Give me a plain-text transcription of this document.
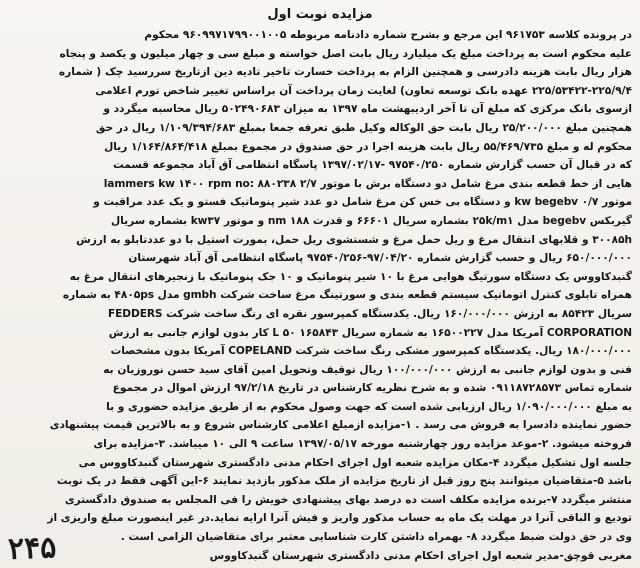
مزایده نوبت اول
در پرونده کلاسه ۹۶۱۷۵۳ این مرجع و بشرح شماره دادنامه مربوطه ۹۶۰۹۹۷۱۷۹۹۰۰۱۰۰۵ محکوم
علیه محکوم است به پرداخت مبلغ یک میلیارد ریال بابت اصل خواسته و مبلغ سی و چهار میلیون و یکصد و پنجاه
هزار ریال بابت هزینه دادرسی و همچنین الزام به پرداخت خسارت تاخیر تادیه دین ازتاریخ سررسید چک ( شماره
۲۲۵/۵۳۴۲۲-۲۲۵/۹/۴ عهده بانک توسعه تعاون) لغایت زمان پرداخت آن براساس تغییر شاخص تورم اعلامی
ازسوی بانک مرکزی که مبلغ آن تا آخر اردیبهشت ماه ۱۳۹۷ به میزان ۵۰۲۴۹۰۶۸۳ ریال محاسبه میگردد و
همچنین مبلغ ۲۵/۲۰۰/۰۰۰ ریال بابت حق الوکاله وکیل طبق تعرفه جمعا بمبلغ ۱/۱۰۹/۳۹۴/۶۸۳ ریال در حق
محکوم له و مبلغ ۵۵/۴۶۹/۷۳۵ ریال بابت هزینه اجرا در حق صندوق در مجموع بمبلغ ۱/۱۶۴/۸۶۴/۴۱۸ ریال
که در قبال آن حسب گزارش شماره ۹۷۵۴۰/۲۵۰ -۱۳۹۷/۰۲/۱۷ پاسگاه انتظامی آق آباد مجموعه قسمت
هایی از خط قطعه بندی مرغ شامل دو دستگاه برش با موتور ۲/۷ lammers kw ۱۴۰۰ rpm no: ۸۸۰۲۳۸
موتور kw begebv ۰/۷ و دستگاه بی خس کن مرغ شامل دو عدد شیر پنوماتیک فستو و یک عدد مراقبت و
گیربکس begebv مدل ۲۵k/m۱ بشماره سریال ۶۶۶۰۱ و قدرت nm ۱۸۸ و موتور kw۳۷ بشماره سریال
۳۰۰۸۵h و قلابهای انتقال مرغ و ریل حمل مرغ و شستشوی ریل حمل، بمورت استیل با دو عددتابلو به ارزش
۶۵۰/۰۰۰/۰۰۰ ریال و حسب گزارش شماره ۹۷/۰۴/۲۰-۹۷۵۴۰/۲۵۶ پاسگاه انتظامی آق آباد شهرستان
گنبدکاووس یک دستگاه سورتیگ هوایی مرغ با ۱۰ شیر پنوماتیک و ۱۰ جک پنوماتیک با زنجیرهای انتقال مرغ به
همراه تابلوی کنترل اتوماتیک سیستم قطعه بندی و سورتینگ مرغ ساخت شرکت gmbh مدل ۴۸۰۵ps به شماره
سریال ۸۵۴۲۳ به ارزش ۱۶۰/۰۰۰/۰۰۰ ریال. یکدستگاه کمپرسور نقره ای رنگ ساخت شرکت FEDDERS
CORPORATION آمریکا مدل ۱۶۵۰۰۲۲۷ به شماره سریال ۱۶۵۸۴۳ ۵۰ L کار بدون لوازم جانبی به ارزش
۱۸۰/۰۰۰/۰۰۰ ریال. یکدستگاه کمپرسور مشکی رنگ ساخت شرکت COPELAND آمریکا بدون مشخصات
فنی و بدون لوازم جانبی به ارزش ۱۰۰/۰۰۰/۰۰۰ ریال توقیف وتحویل امین آقای سید حسن نوروزیان به
شماره تماس ۰۹۱۱۸۷۲۸۵۷۳ شده و به شرح نظریه کارشناس در تاریخ ۹۷/۲/۱۸ ارزش اموال در مجموع
به مبلغ ۱/۰۹۰/۰۰۰/۰۰۰ ریال ارزیابی شده است که جهت وصول محکوم به از طریق مزایده حضوری و با
حضور نماینده دادسرا به فروش می رسد . ۱-مزایده ازمبلغ اعلامی کارشناس شروع و به بالاترین قیمت پیشنهادی
فروخته میشود. ۲-موعد مزایده روز چهارشنبه مورخه ۱۳۹۷/۰۵/۱۷ ساعت ۹ الی ۱۰ میباشد. ۳-مزایده برای
جلسه اول تشکیل میگردد ۴-مکان مزایده شعبه اول اجرای احکام مدنی دادگستری شهرستان گنبدکاووس می
باشد ۵-متقاضیان میتوانند پنج روز قبل از تاریخ مزایده از ملک مذکور بازدید نمایند ۶-این آگهی فقط در یک نوبت
منتشر میگردد ۷-برنده مزایده مکلف است ده درصد بهای پیشنهادی خویش را فی المجلس به صندوق دادگستری
تودیع و الباقی آنرا در مهلت یک ماه به حساب مذکور واریز و فیش آنرا ارایه نماید.در غیر اینصورت مبلغ واریزی از
وی در حق دولت ضبط میگردد ۸- بهمراه داشتن کارت شناسایی معتبر برای متقاضیان الزامی است .
مغربی قوچق-مدیر شعبه اول اجرای احکام مدنی دادگستری شهرستان گنبدکاووس
۲۴۵
